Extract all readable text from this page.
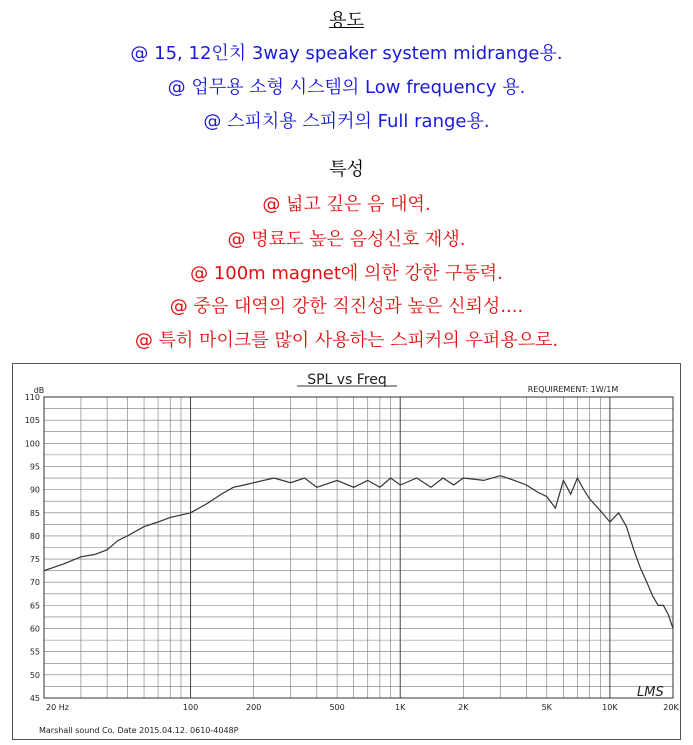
용도
@ 15, 12인치 3way speaker system midrange용.
@ 업무용 소형 시스템의 Low frequency 용.
@ 스피치용 스피커의 Full range용.
특성
@ 넓고 깊은 음 대역.
@ 명료도 높은 음성신호 재생.
@ 100m magnet에 의한 강한 구동력.
@ 중음 대역의 강한 직진성과 높은 신뢰성....
@ 특히 마이크를 많이 사용하는 스피커의 우퍼용으로.
110
105
100
95
90
85
80
75
70
65
60
55
50
45
20 Hz	100	200	500	1K	2K	5K	10K	20K
SPL vs Freq
REQUIREMENT: 1W/1M
dB
Marshall sound Co. Date 2015.04.12. 0610-4048P
LMS
